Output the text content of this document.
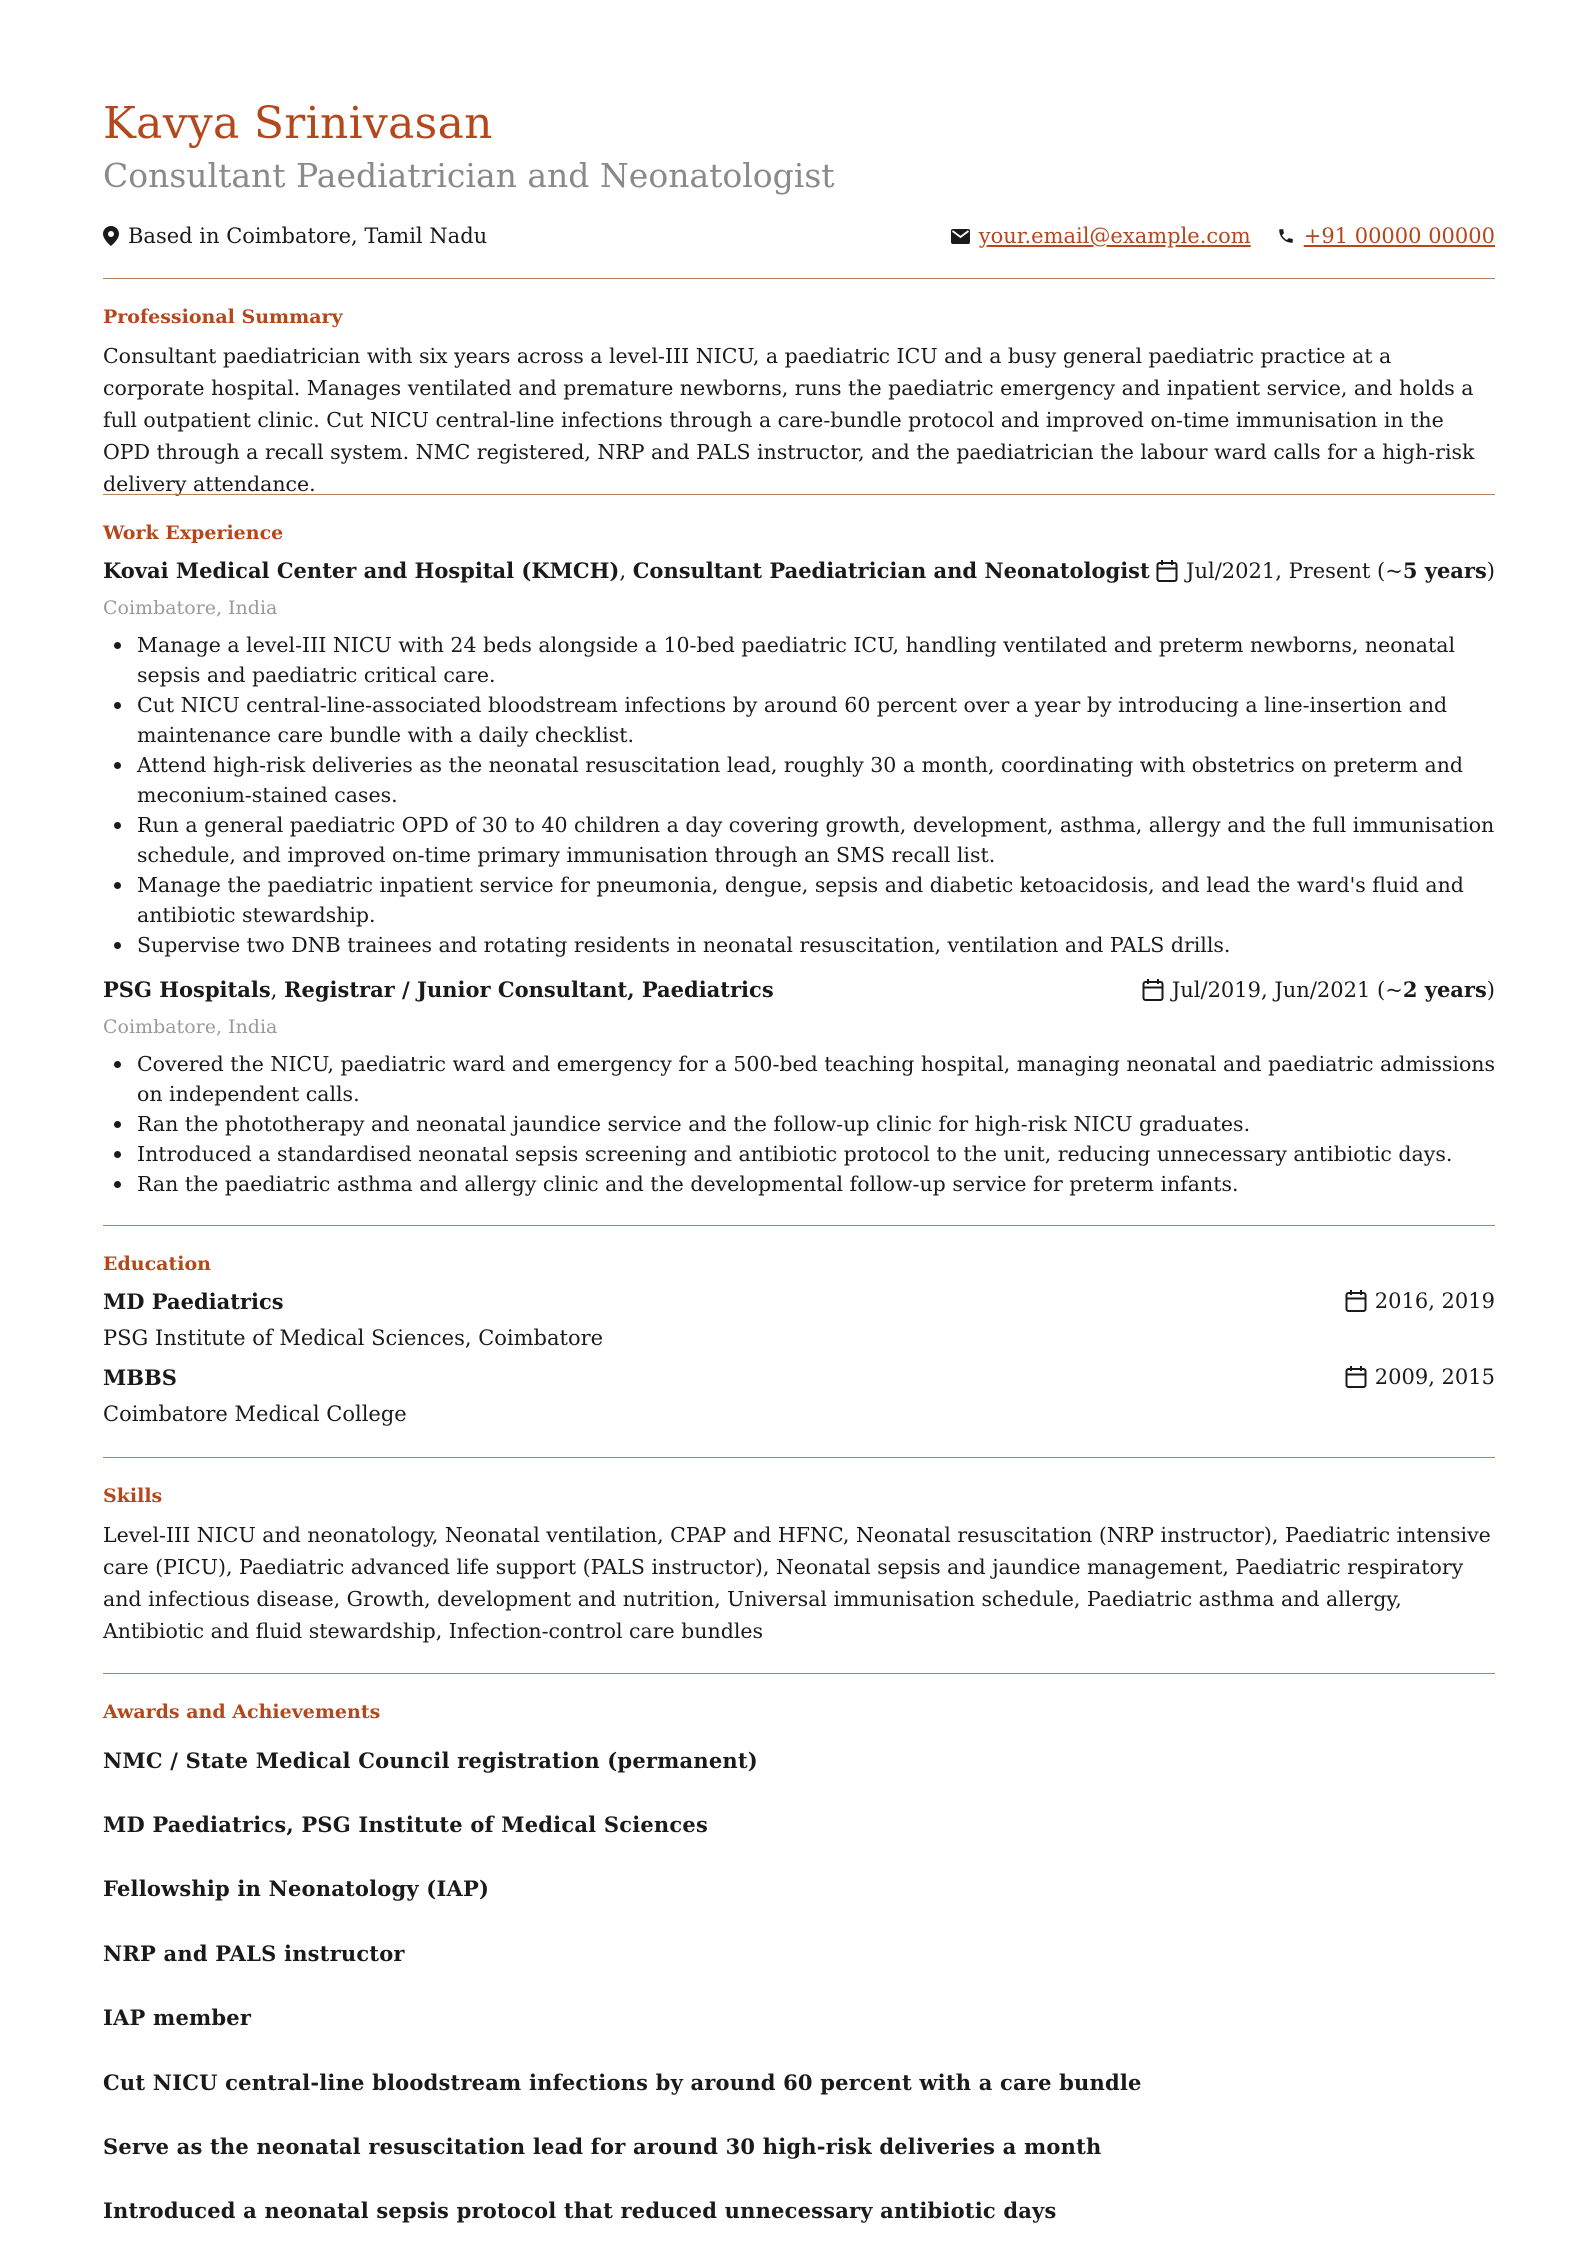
Kavya Srinivasan
Consultant Paediatrician and Neonatologist
Based in Coimbatore, Tamil Nadu	your.email@example.com	+91 00000 00000
Professional Summary
Consultant paediatrician with six years across a level-III NICU, a paediatric ICU and a busy general paediatric practice at a corporate hospital. Manages ventilated and premature newborns, runs the paediatric emergency and inpatient service, and holds a full outpatient clinic. Cut NICU central-line infections through a care-bundle protocol and improved on-time immunisation in the OPD through a recall system. NMC registered, NRP and PALS instructor, and the paediatrician the labour ward calls for a high-risk delivery attendance.
Work Experience
Kovai Medical Center and Hospital (KMCH), Consultant Paediatrician and Neonatologist Jul/2021, Present (~ 5 years )
Coimbatore, India
Manage a level-III NICU with 24 beds alongside a 10-bed paediatric ICU, handling ventilated and preterm newborns, neonatal sepsis and paediatric critical care.
Cut NICU central-line-associated bloodstream infections by around 60 percent over a year by introducing a line-insertion and maintenance care bundle with a daily checklist.
Attend high-risk deliveries as the neonatal resuscitation lead, roughly 30 a month, coordinating with obstetrics on preterm and meconium-stained cases.
Run a general paediatric OPD of 30 to 40 children a day covering growth, development, asthma, allergy and the full immunisation schedule, and improved on-time primary immunisation through an SMS recall list.
Manage the paediatric inpatient service for pneumonia, dengue, sepsis and diabetic ketoacidosis, and lead the ward's fluid and antibiotic stewardship.
Supervise two DNB trainees and rotating residents in neonatal resuscitation, ventilation and PALS drills.
PSG Hospitals, Registrar / Junior Consultant, Paediatrics	Jul/2019, Jun/2021 (~ 2 years )
Coimbatore, India
Covered the NICU, paediatric ward and emergency for a 500-bed teaching hospital, managing neonatal and paediatric admissions on independent calls.
Ran the phototherapy and neonatal jaundice service and the follow-up clinic for high-risk NICU graduates.
Introduced a standardised neonatal sepsis screening and antibiotic protocol to the unit, reducing unnecessary antibiotic days.
Ran the paediatric asthma and allergy clinic and the developmental follow-up service for preterm infants.
Education
MD Paediatrics	2016, 2019
PSG Institute of Medical Sciences, Coimbatore
MBBS	2009, 2015
Coimbatore Medical College
Skills
Level-III NICU and neonatology, Neonatal ventilation, CPAP and HFNC, Neonatal resuscitation (NRP instructor), Paediatric intensive care (PICU), Paediatric advanced life support (PALS instructor), Neonatal sepsis and jaundice management, Paediatric respiratory and infectious disease, Growth, development and nutrition, Universal immunisation schedule, Paediatric asthma and allergy, Antibiotic and fluid stewardship, Infection-control care bundles
Awards and Achievements
NMC / State Medical Council registration (permanent)
MD Paediatrics, PSG Institute of Medical Sciences
Fellowship in Neonatology (IAP)
NRP and PALS instructor
IAP member
Cut NICU central-line bloodstream infections by around 60 percent with a care bundle
Serve as the neonatal resuscitation lead for around 30 high-risk deliveries a month
Introduced a neonatal sepsis protocol that reduced unnecessary antibiotic days
